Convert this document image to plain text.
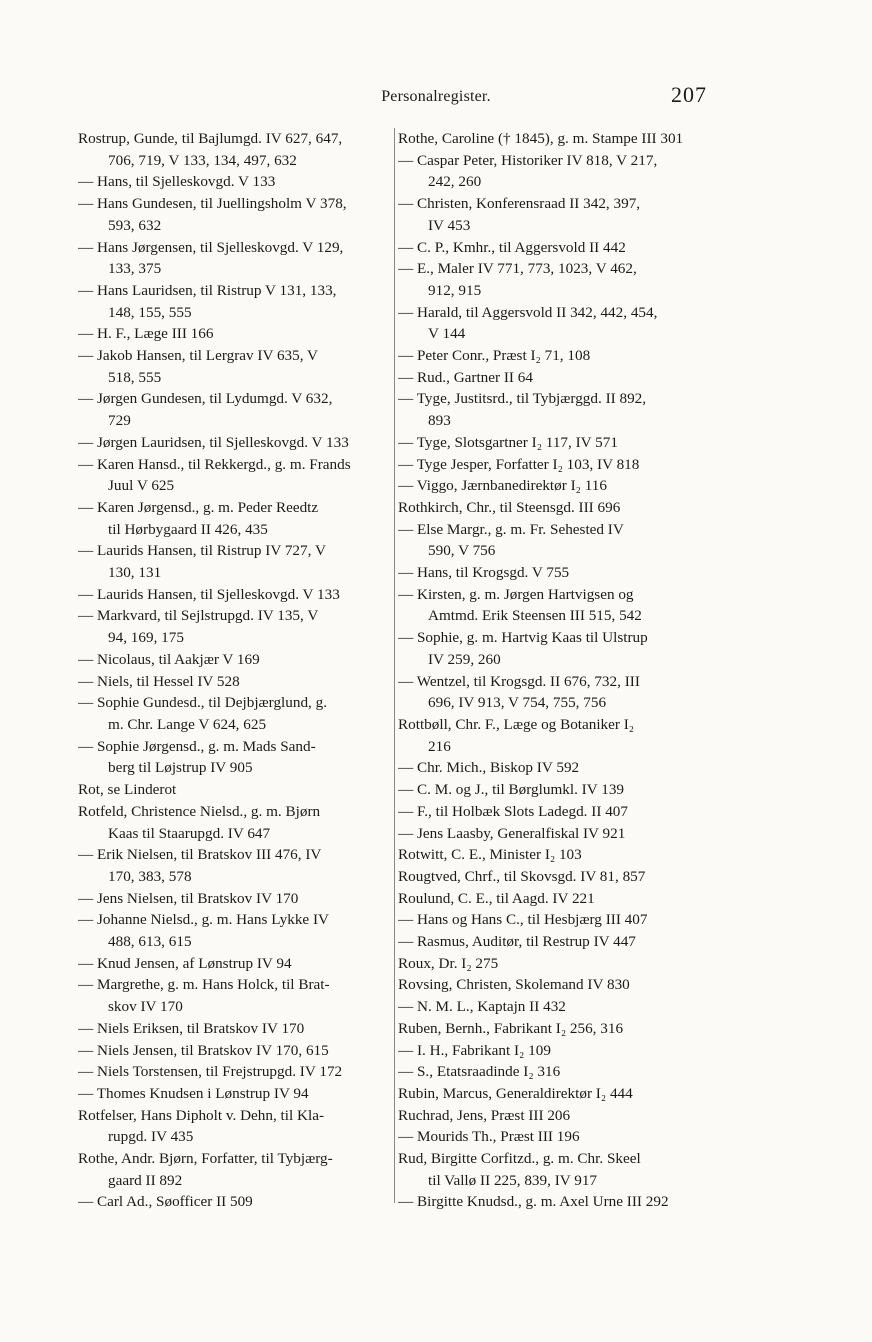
Personalregister.	207
Rostrup, Gunde, til Bajlumgd. IV 627, 647,
706, 719, V 133, 134, 497, 632
— Hans, til Sjelleskovgd. V 133
— Hans Gundesen, til Juellingsholm V 378,
593, 632
— Hans Jørgensen, til Sjelleskovgd. V 129,
133, 375
— Hans Lauridsen, til Ristrup V 131, 133,
148, 155, 555
— H. F., Læge III 166
— Jakob Hansen, til Lergrav IV 635, V
518, 555
— Jørgen Gundesen, til Lydumgd. V 632,
729
— Jørgen Lauridsen, til Sjelleskovgd. V 133
— Karen Hansd., til Rekkergd., g. m. Frands
Juul V 625
— Karen Jørgensd., g. m. Peder Reedtz
til Hørbygaard II 426, 435
— Laurids Hansen, til Ristrup IV 727, V
130, 131
— Laurids Hansen, til Sjelleskovgd. V 133
— Markvard, til Sejlstrupgd. IV 135, V
94, 169, 175
— Nicolaus, til Aakjær V 169
— Niels, til Hessel IV 528
— Sophie Gundesd., til Dejbjærglund, g.
m. Chr. Lange V 624, 625
— Sophie Jørgensd., g. m. Mads Sand-
berg til Løjstrup IV 905
Rot, se Linderot
Rotfeld, Christence Nielsd., g. m. Bjørn
Kaas til Staarupgd. IV 647
— Erik Nielsen, til Bratskov III 476, IV
170, 383, 578
— Jens Nielsen, til Bratskov IV 170
— Johanne Nielsd., g. m. Hans Lykke IV
488, 613, 615
— Knud Jensen, af Lønstrup IV 94
— Margrethe, g. m. Hans Holck, til Brat-
skov IV 170
— Niels Eriksen, til Bratskov IV 170
— Niels Jensen, til Bratskov IV 170, 615
— Niels Torstensen, til Frejstrupgd. IV 172
— Thomes Knudsen i Lønstrup IV 94
Rotfelser, Hans Dipholt v. Dehn, til Kla-
rupgd. IV 435
Rothe, Andr. Bjørn, Forfatter, til Tybjærg-
gaard II 892
— Carl Ad., Søofficer II 509
Rothe, Caroline († 1845), g. m. Stampe III 301
— Caspar Peter, Historiker IV 818, V 217,
242, 260
— Christen, Konferensraad II 342, 397,
IV 453
— C. P., Kmhr., til Aggersvold II 442
— E., Maler IV 771, 773, 1023, V 462,
912, 915
— Harald, til Aggersvold II 342, 442, 454,
V 144
— Peter Conr., Præst I₂ 71, 108
— Rud., Gartner II 64
— Tyge, Justitsrd., til Tybjærggd. II 892,
893
— Tyge, Slotsgartner I₂ 117, IV 571
— Tyge Jesper, Forfatter I₂ 103, IV 818
— Viggo, Jærnbanedirektør I₂ 116
Rothkirch, Chr., til Steensgd. III 696
— Else Margr., g. m. Fr. Sehested IV
590, V 756
— Hans, til Krogsgd. V 755
— Kirsten, g. m. Jørgen Hartvigsen og
Amtmd. Erik Steensen III 515, 542
— Sophie, g. m. Hartvig Kaas til Ulstrup
IV 259, 260
— Wentzel, til Krogsgd. II 676, 732, III
696, IV 913, V 754, 755, 756
Rottbøll, Chr. F., Læge og Botaniker I₂
216
— Chr. Mich., Biskop IV 592
— C. M. og J., til Børglumkl. IV 139
— F., til Holbæk Slots Ladegd. II 407
— Jens Laasby, Generalfiskal IV 921
Rotwitt, C. E., Minister I₂ 103
Rougtved, Chrf., til Skovsgd. IV 81, 857
Roulund, C. E., til Aagd. IV 221
— Hans og Hans C., til Hesbjærg III 407
— Rasmus, Auditør, til Restrup IV 447
Roux, Dr. I₂ 275
Rovsing, Christen, Skolemand IV 830
— N. M. L., Kaptajn II 432
Ruben, Bernh., Fabrikant I₂ 256, 316
— I. H., Fabrikant I₂ 109
— S., Etatsraadinde I₂ 316
Rubin, Marcus, Generaldirektør I₂ 444
Ruchrad, Jens, Præst III 206
— Mourids Th., Præst III 196
Rud, Birgitte Corfitzd., g. m. Chr. Skeel
til Vallø II 225, 839, IV 917
— Birgitte Knudsd., g. m. Axel Urne III 292
